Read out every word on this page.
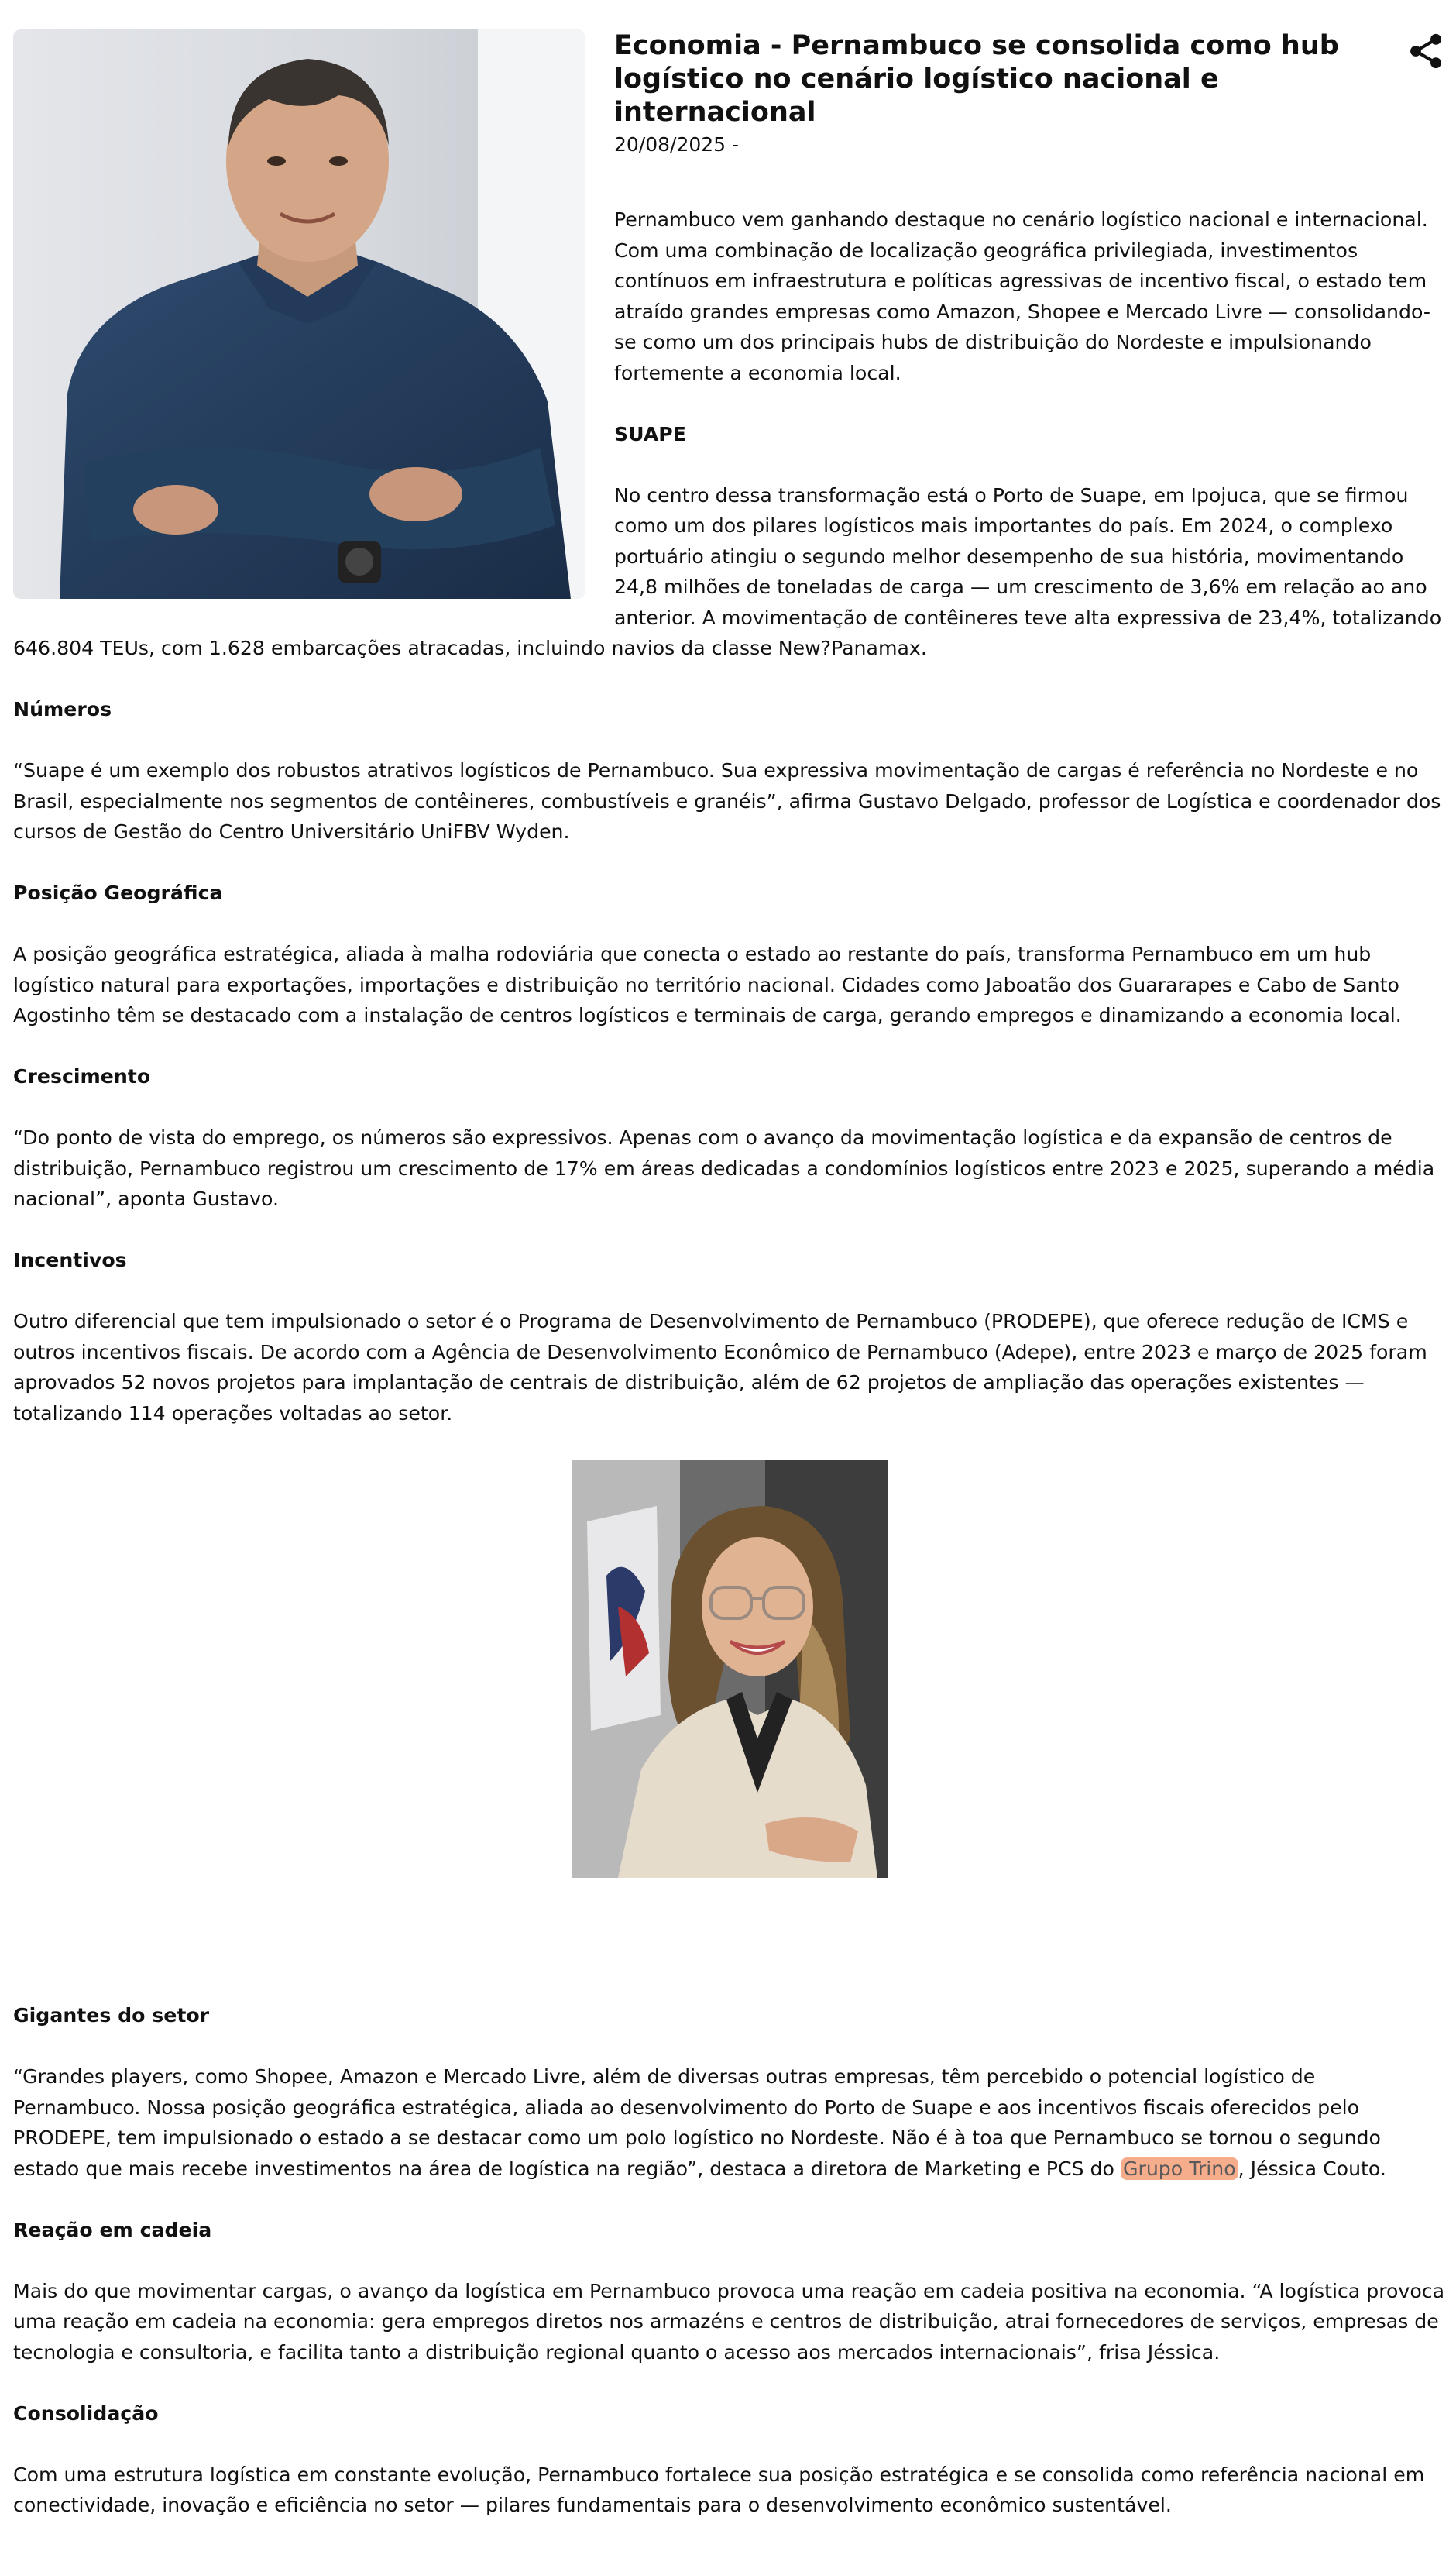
Economia - Pernambuco se consolida como hub logístico no cenário logístico nacional e internacional
20/08/2025 -

Pernambuco vem ganhando destaque no cenário logístico nacional e internacional. Com uma combinação de localização geográfica privilegiada, investimentos contínuos em infraestrutura e políticas agressivas de incentivo fiscal, o estado tem atraído grandes empresas como Amazon, Shopee e Mercado Livre — consolidando-se como um dos principais hubs de distribuição do Nordeste e impulsionando fortemente a economia local.

SUAPE

No centro dessa transformação está o Porto de Suape, em Ipojuca, que se firmou como um dos pilares logísticos mais importantes do país. Em 2024, o complexo portuário atingiu o segundo melhor desempenho de sua história, movimentando 24,8 milhões de toneladas de carga — um crescimento de 3,6% em relação ao ano anterior. A movimentação de contêineres teve alta expressiva de 23,4%, totalizando 646.804 TEUs, com 1.628 embarcações atracadas, incluindo navios da classe New?Panamax.

Números

“Suape é um exemplo dos robustos atrativos logísticos de Pernambuco. Sua expressiva movimentação de cargas é referência no Nordeste e no Brasil, especialmente nos segmentos de contêineres, combustíveis e granéis”, afirma Gustavo Delgado, professor de Logística e coordenador dos cursos de Gestão do Centro Universitário UniFBV Wyden.

Posição Geográfica

A posição geográfica estratégica, aliada à malha rodoviária que conecta o estado ao restante do país, transforma Pernambuco em um hub logístico natural para exportações, importações e distribuição no território nacional. Cidades como Jaboatão dos Guararapes e Cabo de Santo Agostinho têm se destacado com a instalação de centros logísticos e terminais de carga, gerando empregos e dinamizando a economia local.

Crescimento

“Do ponto de vista do emprego, os números são expressivos. Apenas com o avanço da movimentação logística e da expansão de centros de distribuição, Pernambuco registrou um crescimento de 17% em áreas dedicadas a condomínios logísticos entre 2023 e 2025, superando a média nacional”, aponta Gustavo.

Incentivos

Outro diferencial que tem impulsionado o setor é o Programa de Desenvolvimento de Pernambuco (PRODEPE), que oferece redução de ICMS e outros incentivos fiscais. De acordo com a Agência de Desenvolvimento Econômico de Pernambuco (Adepe), entre 2023 e março de 2025 foram aprovados 52 novos projetos para implantação de centrais de distribuição, além de 62 projetos de ampliação das operações existentes — totalizando 114 operações voltadas ao setor.

Gigantes do setor

“Grandes players, como Shopee, Amazon e Mercado Livre, além de diversas outras empresas, têm percebido o potencial logístico de Pernambuco. Nossa posição geográfica estratégica, aliada ao desenvolvimento do Porto de Suape e aos incentivos fiscais oferecidos pelo PRODEPE, tem impulsionado o estado a se destacar como um polo logístico no Nordeste. Não é à toa que Pernambuco se tornou o segundo estado que mais recebe investimentos na área de logística na região”, destaca a diretora de Marketing e PCS do Grupo Trino , Jéssica Couto.

Reação em cadeia

Mais do que movimentar cargas, o avanço da logística em Pernambuco provoca uma reação em cadeia positiva na economia. “A logística provoca uma reação em cadeia na economia: gera empregos diretos nos armazéns e centros de distribuição, atrai fornecedores de serviços, empresas de tecnologia e consultoria, e facilita tanto a distribuição regional quanto o acesso aos mercados internacionais”, frisa Jéssica.

Consolidação

Com uma estrutura logística em constante evolução, Pernambuco fortalece sua posição estratégica e se consolida como referência nacional em conectividade, inovação e eficiência no setor — pilares fundamentais para o desenvolvimento econômico sustentável.
